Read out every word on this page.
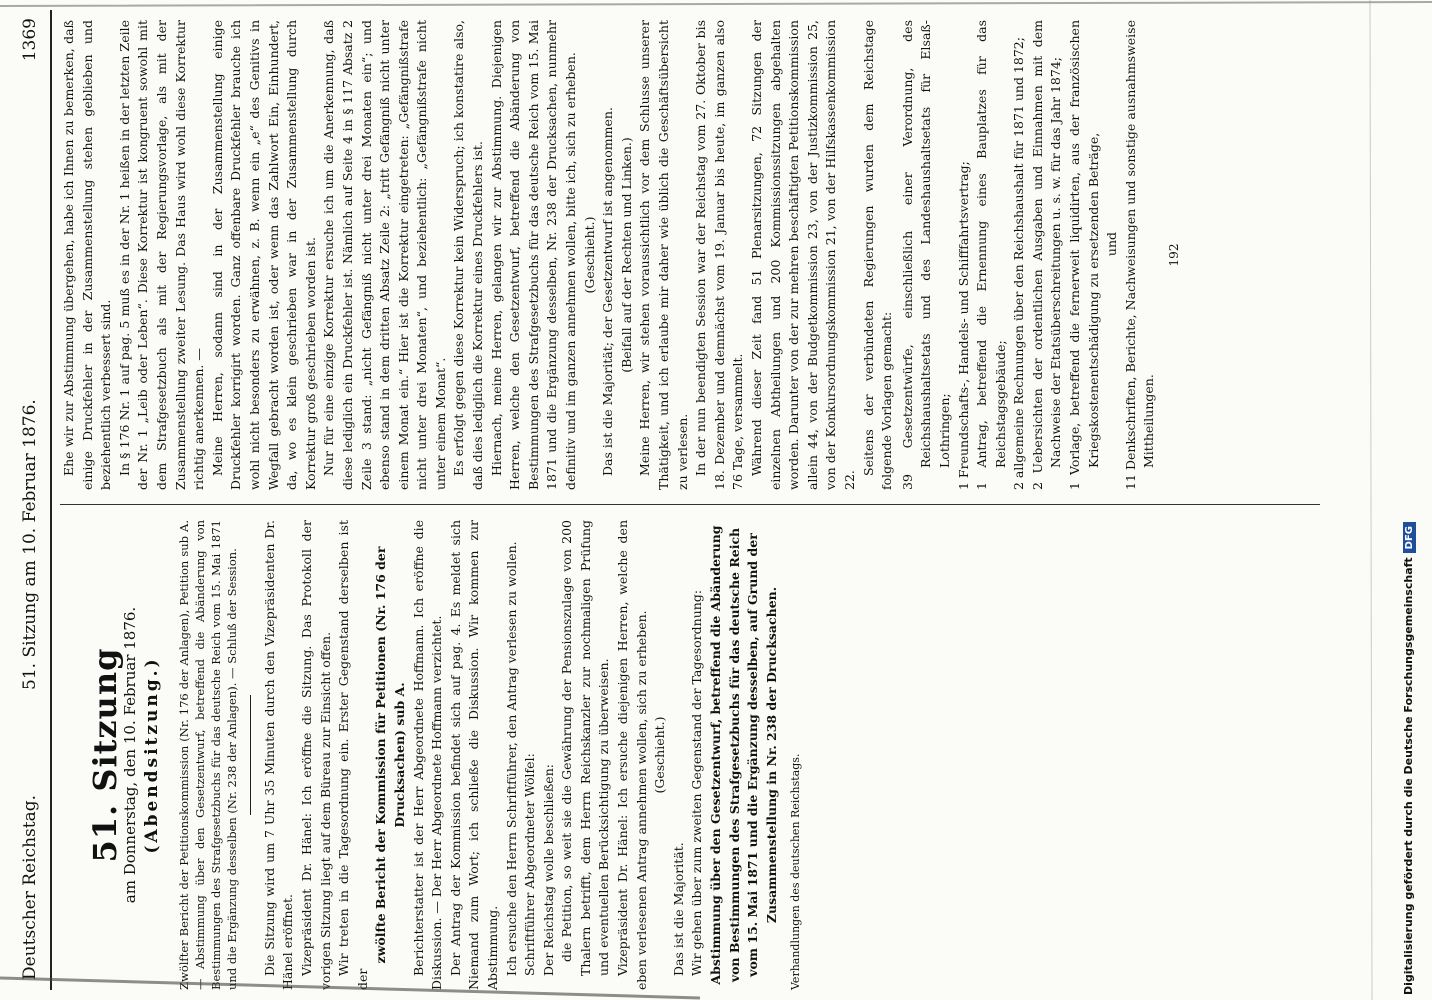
Deutscher Reichstag.
51. Sitzung am 10. Februar 1876.
1369
51. Sitzung
am Donnerstag, den 10. Februar 1876. (Abendsitzung.) Zwölfter Bericht der Petitionskommission (Nr. 176 der Anlagen), Petition sub A. — Abstimmung über den Gesetzentwurf, betreffend die Abänderung von Bestimmungen des Strafgesetzbuchs für das deutsche Reich vom 15. Mai 1871 und die Ergänzung desselben (Nr. 238 der Anlagen). — Schluß der Session. Die Sitzung wird um 7 Uhr 35 Minuten durch den Vizepräsidenten Dr. Hänel eröffnet. Vizepräsident Dr. Hänel: Ich eröffne die Sitzung. Das Protokoll der vorigen Sitzung liegt auf dem Büreau zur Einsicht offen. Wir treten in die Tagesordnung ein. Erster Gegenstand derselben ist der

zwölfte Bericht der Kommission für Petitionen (Nr. 176 der Drucksachen) sub A. Berichterstatter ist der Herr Abgeordnete Hoffmann. Ich eröffne die Diskussion. — Der Herr Abgeordnete Hoffmann verzichtet. Der Antrag der Kommission befindet sich auf pag. 4. Es meldet sich Niemand zum Wort; ich schließe die Diskussion. Wir kommen zur Abstimmung. Ich ersuche den Herrn Schriftführer, den Antrag verlesen zu wollen. Schriftführer Abgeordneter Wölfel: Der Reichstag wolle beschließen: die Petition, so weit sie die Gewährung der Pensionszulage von 200 Thalern betrifft, dem Herrn Reichskanzler zur nochmaligen Prüfung und eventuellen Berücksichtigung zu überweisen. Vizepräsident Dr. Hänel: Ich ersuche diejenigen Herren, welche den eben verlesenen Antrag annehmen wollen, sich zu erheben. (Geschieht.)

Das ist die Majorität. Wir gehen über zum zweiten Gegenstand der Tagesordnung: Abstimmung über den Gesetzentwurf, betreffend die Abänderung von Bestimmungen des Strafgesetzbuchs für das deutsche Reich vom 15. Mai 1871 und die Ergänzung desselben, auf Grund der Zusammenstellung in Nr. 238 der Drucksachen. Verhandlungen des deutschen Reichstags.

Ehe wir zur Abstimmung übergehen, habe ich Ihnen zu bemerken, daß einige Druckfehler in der Zusammenstellung stehen geblieben und beziehentlich verbessert sind. In § 176 Nr. 1 auf pag. 5 muß es in der Nr. 1 heißen in der letzten Zeile der Nr. 1 „Leib oder Leben“. Diese Korrektur ist kongruent sowohl mit dem Strafgesetzbuch als mit der Regierungsvorlage, als mit der Zusammenstellung zweiter Lesung. Das Haus wird wohl diese Korrektur richtig anerkennen. — Meine Herren, sodann sind in der Zusammenstellung einige Druckfehler korrigirt worden. Ganz offenbare Druckfehler brauche ich wohl nicht besonders zu erwähnen, z. B. wenn ein „e“ des Genitivs in Wegfall gebracht worden ist, oder wenn das Zahlwort Ein, Einhundert, da, wo es klein geschrieben war in der Zusammenstellung durch Korrektur groß geschrieben worden ist. Nur für eine einzige Korrektur ersuche ich um die Anerkennung, daß diese lediglich ein Druckfehler ist. Nämlich auf Seite 4 in § 117 Absatz 2 Zeile 3 stand: „nicht Gefängniß nicht unter drei Monaten ein“; und ebenso stand in dem dritten Absatz Zeile 2: „tritt Gefängniß nicht unter einem Monat ein.“ Hier ist die Korrektur eingetreten: „Gefängnißstrafe nicht unter drei Monaten“, und beziehentlich: „Gefängnißstrafe nicht unter einem Monat“. Es erfolgt gegen diese Korrektur kein Widerspruch; ich konstatire also, daß dies lediglich die Korrektur eines Druckfehlers ist. Hiernach, meine Herren, gelangen wir zur Abstimmung. Diejenigen Herren, welche den Gesetzentwurf, betreffend die Abänderung von Bestimmungen des Strafgesetzbuchs für das deutsche Reich vom 15. Mai 1871 und die Ergänzung desselben, Nr. 238 der Drucksachen, nunmehr definitiv und im ganzen annehmen wollen, bitte ich, sich zu erheben. (Geschieht.) Das ist die Majorität; der Gesetzentwurf ist angenommen. (Beifall auf der Rechten und Linken.) Meine Herren, wir stehen voraussichtlich vor dem Schlusse unserer Thätigkeit, und ich erlaube mir daher wie üblich die Geschäftsübersicht zu verlesen. In der nun beendigten Session war der Reichstag vom 27. Oktober bis 18. Dezember und demnächst vom 19. Januar bis heute, im ganzen also 76 Tage, versammelt. Während dieser Zeit fand 51 Plenarsitzungen, 72 Sitzungen der einzelnen Abtheilungen und 200 Kommissionssitzungen abgehalten worden. Darunter von der zur mehren beschäftigten Petitionskommission allein 44, von der Budgetkommission 23, von der Justizkommission 25, von der Konkursordnungskommission 21, von der Hilfskassenkommission 22.

Seitens der verbündeten Regierungen wurden dem Reichstage folgende Vorlagen gemacht: 39 Gesetzentwürfe, einschließlich einer Verordnung, des Reichshaushaltsetats und des Landeshaushaltsetats für Elsaß-Lothringen; 1 Freundschafts-, Handels- und Schifffahrtsvertrag; 1 Antrag, betreffend die Ernennung eines Bauplatzes für das Reichstagsgebäude; 2 allgemeine Rechnungen über den Reichshaushalt für 1871 und 1872; 2 Uebersichten der ordentlichen Ausgaben und Einnahmen mit dem Nachweise der Etatsüberschreitungen u. s. w. für das Jahr 1874; 1 Vorlage, betreffend die fernerweit liquidirten, aus der französischen Kriegskostenentschädigung zu ersetzenden Beträge, und 11 Denkschriften, Berichte, Nachweisungen und sonstige ausnahmsweise Mittheilungen.
192
Digitalisierung gefördert durch die Deutsche ForschungsgemeinschaftDFG
